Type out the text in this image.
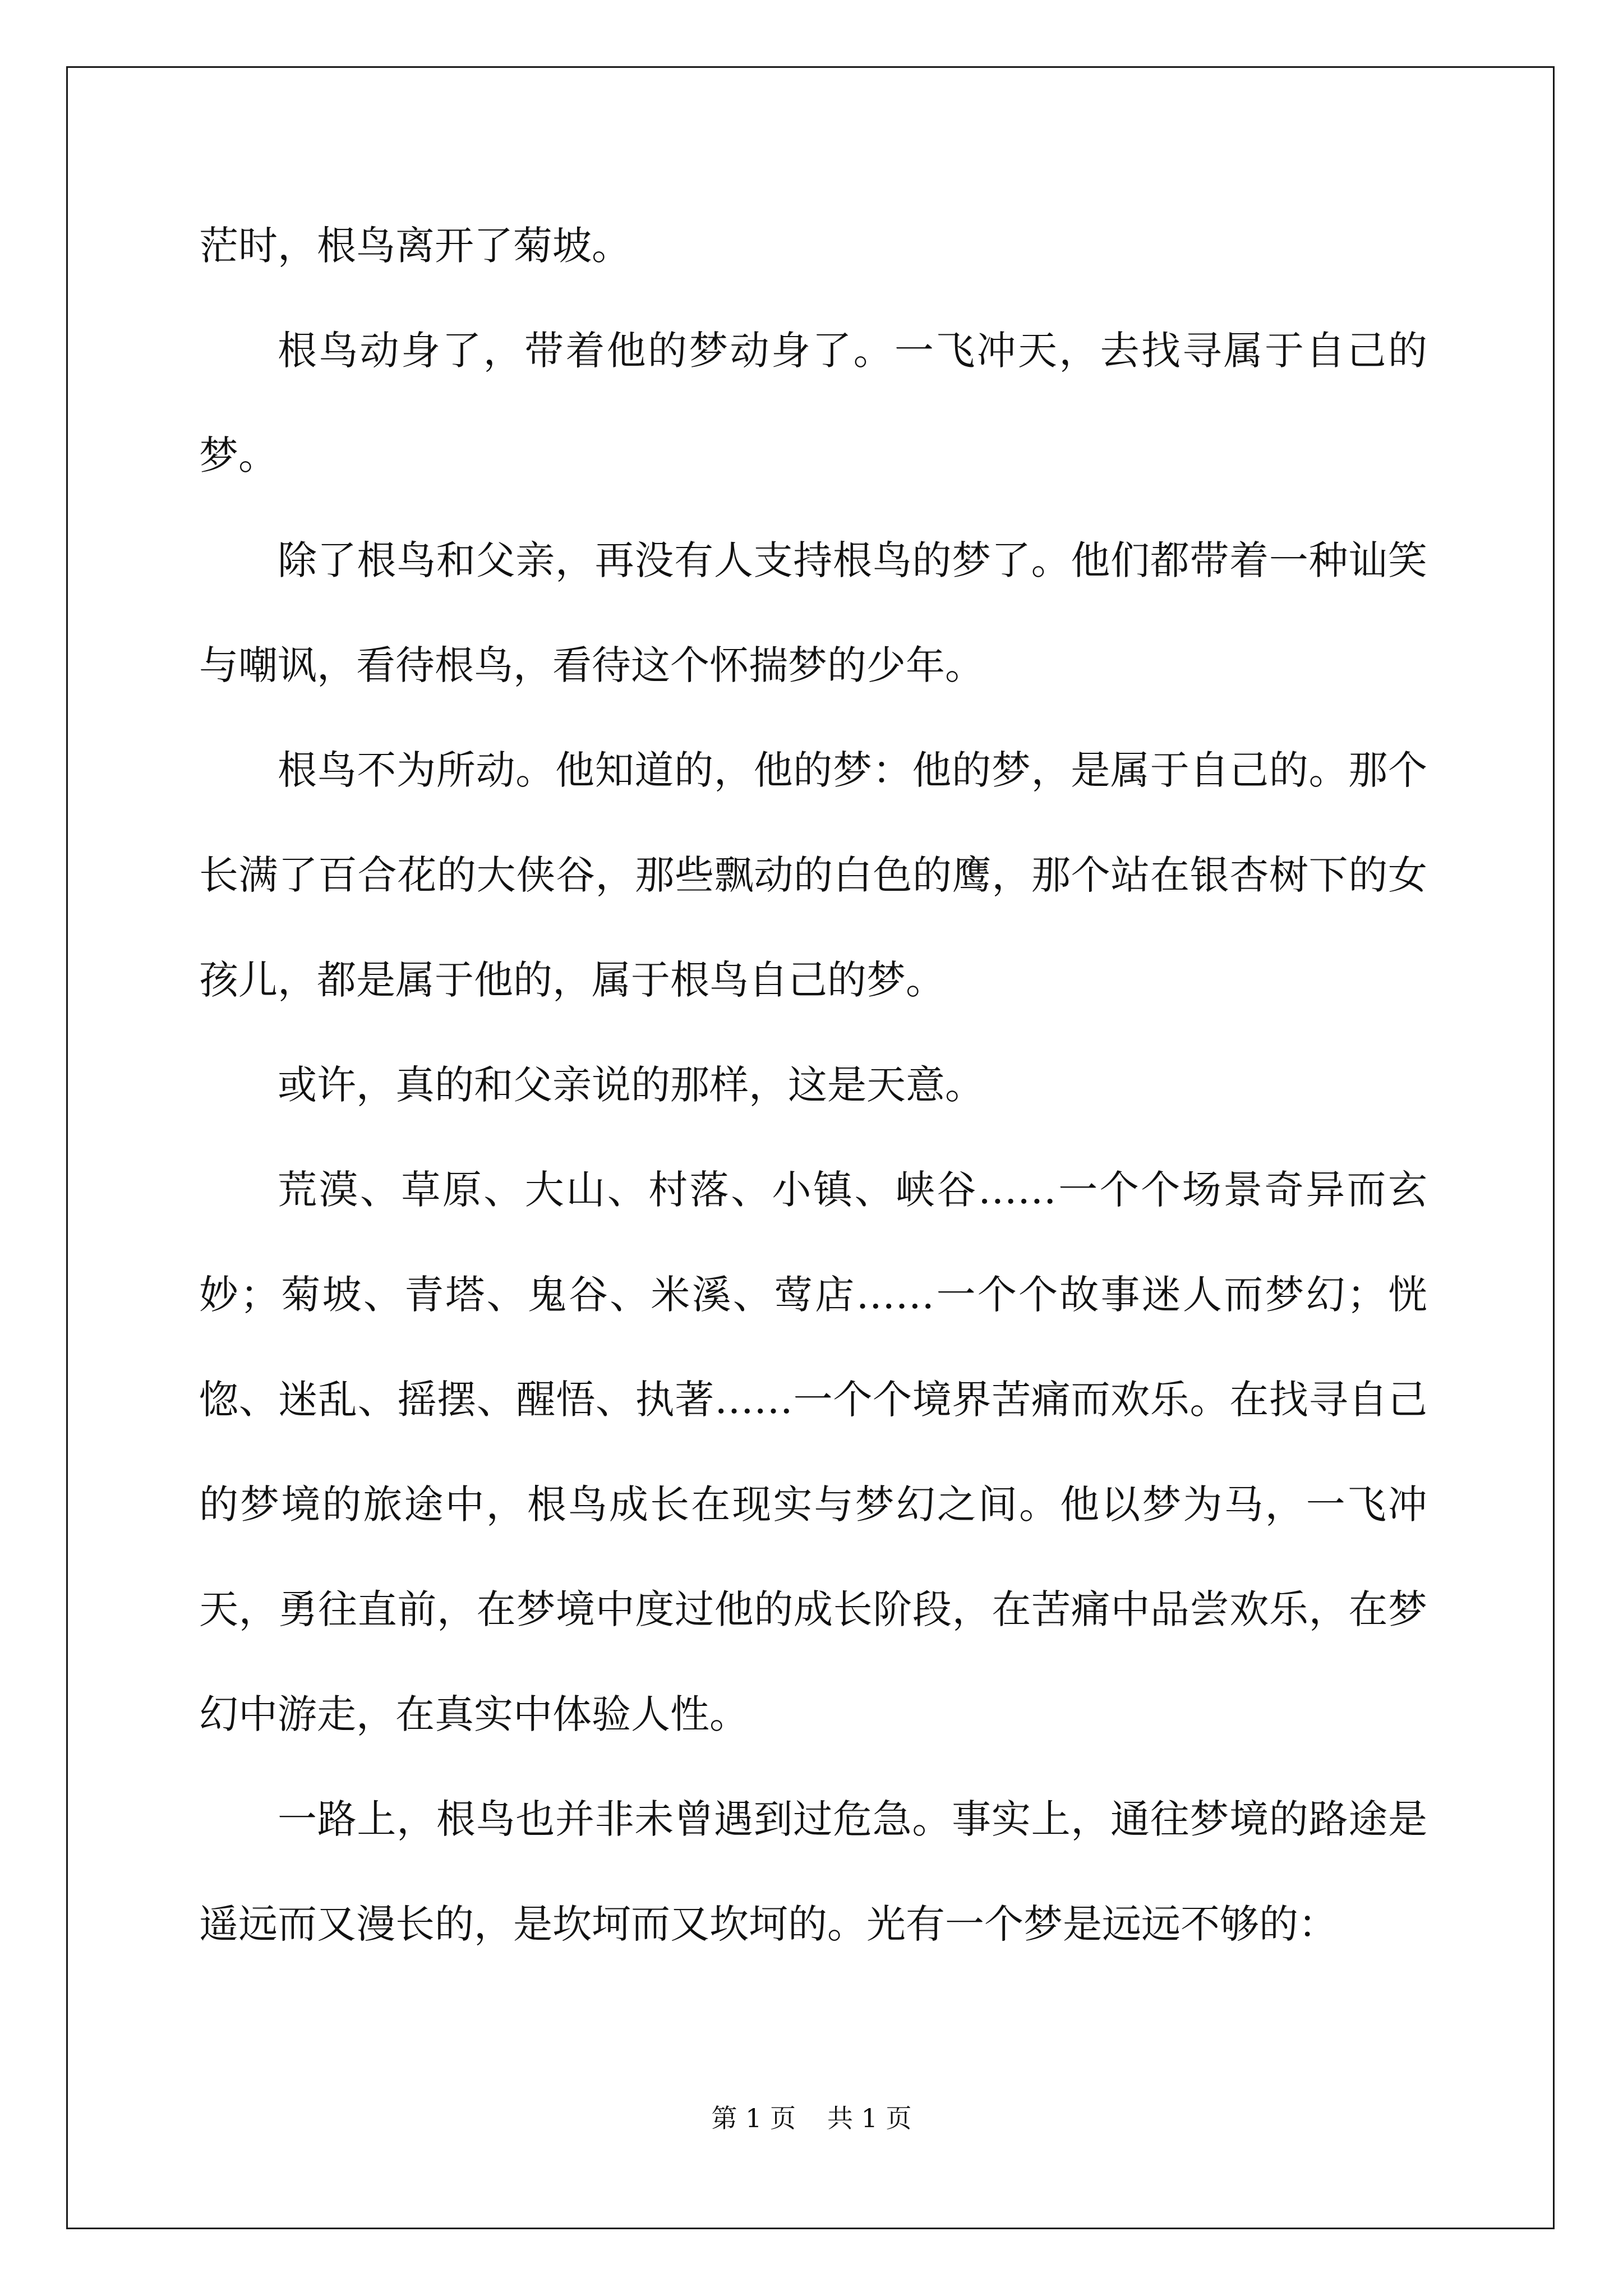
茫时，根鸟离开了菊坡。

根鸟动身了，带着他的梦动身了。一飞冲天，去找寻属于自己的梦。

除了根鸟和父亲，再没有人支持根鸟的梦了。他们都带着一种讪笑与嘲讽，看待根鸟，看待这个怀揣梦的少年。

根鸟不为所动。他知道的，他的梦：他的梦，是属于自己的。那个长满了百合花的大侠谷，那些飘动的白色的鹰，那个站在银杏树下的女孩儿，都是属于他的，属于根鸟自己的梦。

或许，真的和父亲说的那样，这是天意。

荒漠、草原、大山、村落、小镇、峡谷……一个个场景奇异而玄妙；菊坡、青塔、鬼谷、米溪、莺店……一个个故事迷人而梦幻；恍惚、迷乱、摇摆、醒悟、执著……一个个境界苦痛而欢乐。在找寻自己的梦境的旅途中，根鸟成长在现实与梦幻之间。他以梦为马，一飞冲天，勇往直前，在梦境中度过他的成长阶段，在苦痛中品尝欢乐，在梦幻中游走，在真实中体验人性。

一路上，根鸟也并非未曾遇到过危急。事实上，通往梦境的路途是遥远而又漫长的，是坎坷而又坎坷的。光有一个梦是远远不够的：

第 1 页 共 1 页
